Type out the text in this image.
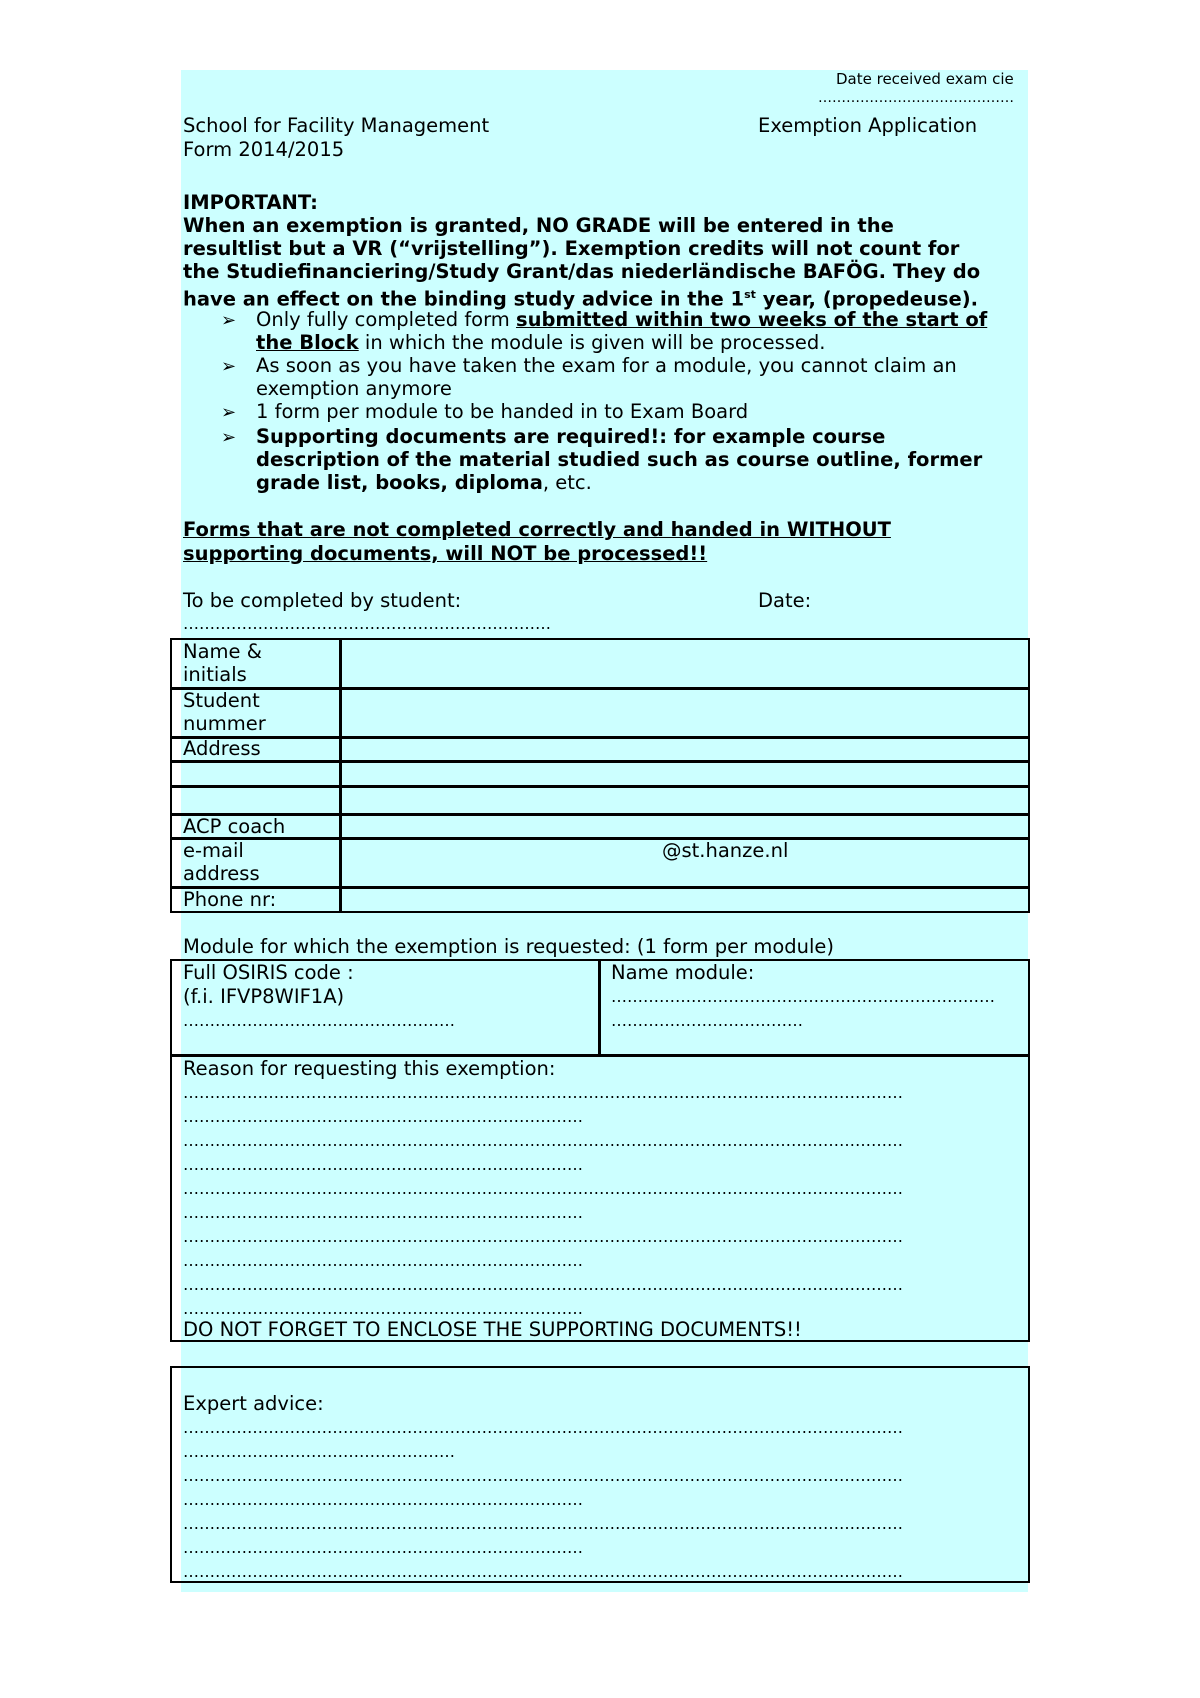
Date received exam cie
……………………………………
School for Facility Management
Form 2014/2015
Exemption Application
IMPORTANT:
When an exemption is granted, NO GRADE will be entered in the
resultlist but a VR (“vrijstelling”). Exemption credits will not count for
the Studiefinanciering/Study Grant/das niederländische BAFÖG. They do
have an effect on the binding study advice in the 1st year, (propedeuse).
➢ Only fully completed form submitted within two weeks of the start of
the Block in which the module is given will be processed.
➢ As soon as you have taken the exam for a module, you cannot claim an
exemption anymore
➢ 1 form per module to be handed in to Exam Board
➢ Supporting documents are required!: for example course
description of the material studied such as course outline, former
grade list, books, diploma, etc.
Forms that are not completed correctly and handed in WITHOUT
supporting documents, will NOT be processed!!
To be completed by student:	Date:
……………………………………………………………
Name &
initials
Student
nummer
Address
ACP coach
e-mail
address
@st.hanze.nl
Phone nr:
Module for which the exemption is requested: (1 form per module)
Full OSIRIS code :
(f.i. IFVP8WIF1A)
……………………………………………
Name module:
………………………………………………………………
………………………………
Reason for requesting this exemption:
………………………………………………………………………………………………………………………
…………………………………………………………………
………………………………………………………………………………………………………………………
…………………………………………………………………
………………………………………………………………………………………………………………………
…………………………………………………………………
………………………………………………………………………………………………………………………
…………………………………………………………………
………………………………………………………………………………………………………………………
…………………………………………………………………
DO NOT FORGET TO ENCLOSE THE SUPPORTING DOCUMENTS!!
Expert advice:
………………………………………………………………………………………………………………………
……………………………………………
………………………………………………………………………………………………………………………
…………………………………………………………………
………………………………………………………………………………………………………………………
…………………………………………………………………
………………………………………………………………………………………………………………………
